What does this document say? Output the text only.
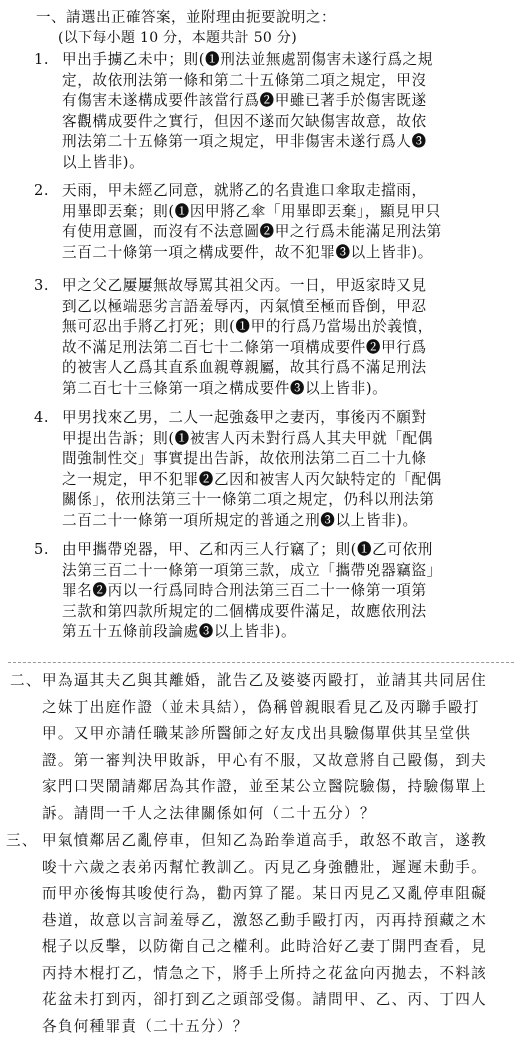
一、請選出正確答案，並附理由扼要說明之：
(以下每小題 10 分，本題共計 50 分)
1. 甲出手擄乙未中；則(❶刑法並無處罰傷害未遂行爲之規
定，故依刑法第一條和第二十五條第二項之規定，甲沒
有傷害未遂構成要件該當行爲❷甲雖已著手於傷害既遂
客觀構成要件之實行，但因不遂而欠缺傷害故意，故依
刑法第二十五條第一項之規定，甲非傷害未遂行爲人❸
以上皆非)。
2. 天雨，甲未經乙同意，就將乙的名貴進口傘取走擋雨，
用畢即丟棄；則(❶因甲將乙傘「用畢即丟棄」，顯見甲只
有使用意圖，而沒有不法意圖❷甲之行爲未能滿足刑法第
三百二十條第一項之構成要件，故不犯罪❸以上皆非)。
3. 甲之父乙屢屢無故辱罵其祖父丙。一日，甲返家時又見
到乙以極端惡劣言語羞辱丙，丙氣憤至極而昏倒，甲忍
無可忍出手將乙打死；則(❶甲的行爲乃當場出於義憤，
故不滿足刑法第二百七十二條第一項構成要件❷甲行爲
的被害人乙爲其直系血親尊親屬，故其行爲不滿足刑法
第二百七十三條第一項之構成要件❸以上皆非)。
4. 甲男找來乙男，二人一起強姦甲之妻丙，事後丙不願對
甲提出告訴；則(❶被害人丙未對行爲人其夫甲就「配偶
間強制性交」事實提出告訴，故依刑法第二百二十九條
之一規定，甲不犯罪❷乙因和被害人丙欠缺特定的「配偶
關係」，依刑法第三十一條第二項之規定，仍科以刑法第
二百二十一條第一項所規定的普通之刑❸以上皆非)。
5. 由甲攜帶兇器，甲、乙和丙三人行竊了；則(❶乙可依刑
法第三百二十一條第一項第三款，成立「攜帶兇器竊盜」
罪名❷丙以一行爲同時合刑法第三百二十一條第一項第
三款和第四款所規定的二個構成要件滿足，故應依刑法
第五十五條前段論處❸以上皆非)。
二、 甲為逼其夫乙與其離婚，訛告乙及婆婆丙毆打，並請其共同居住
之妹丁出庭作證（並未具結），偽稱曾親眼看見乙及丙聯手毆打
甲。又甲亦請任職某診所醫師之好友戊出具驗傷單供其呈堂供
證。第一審判決甲敗訴，甲心有不服，又故意將自己毆傷，到夫
家門口哭鬧請鄰居為其作證，並至某公立醫院驗傷，持驗傷單上
訴。請問一千人之法律關係如何（二十五分）？
三、 甲氣憤鄰居乙亂停車，但知乙為跆拳道高手，敢怒不敢言，遂教
唆十六歲之表弟丙幫忙教訓乙。丙見乙身強體壯，遲遲未動手。
而甲亦後悔其唆使行為，勸丙算了罷。某日丙見乙又亂停車阻礙
巷道，故意以言詞羞辱乙，激怒乙動手毆打丙，丙再持預藏之木
棍子以反擊，以防衛自己之權利。此時洽好乙妻丁開門查看，見
丙持木棍打乙，情急之下，將手上所持之花盆向丙拋去，不料該
花盆未打到丙，卻打到乙之頭部受傷。請問甲、乙、丙、丁四人
各負何種罪責（二十五分）？
